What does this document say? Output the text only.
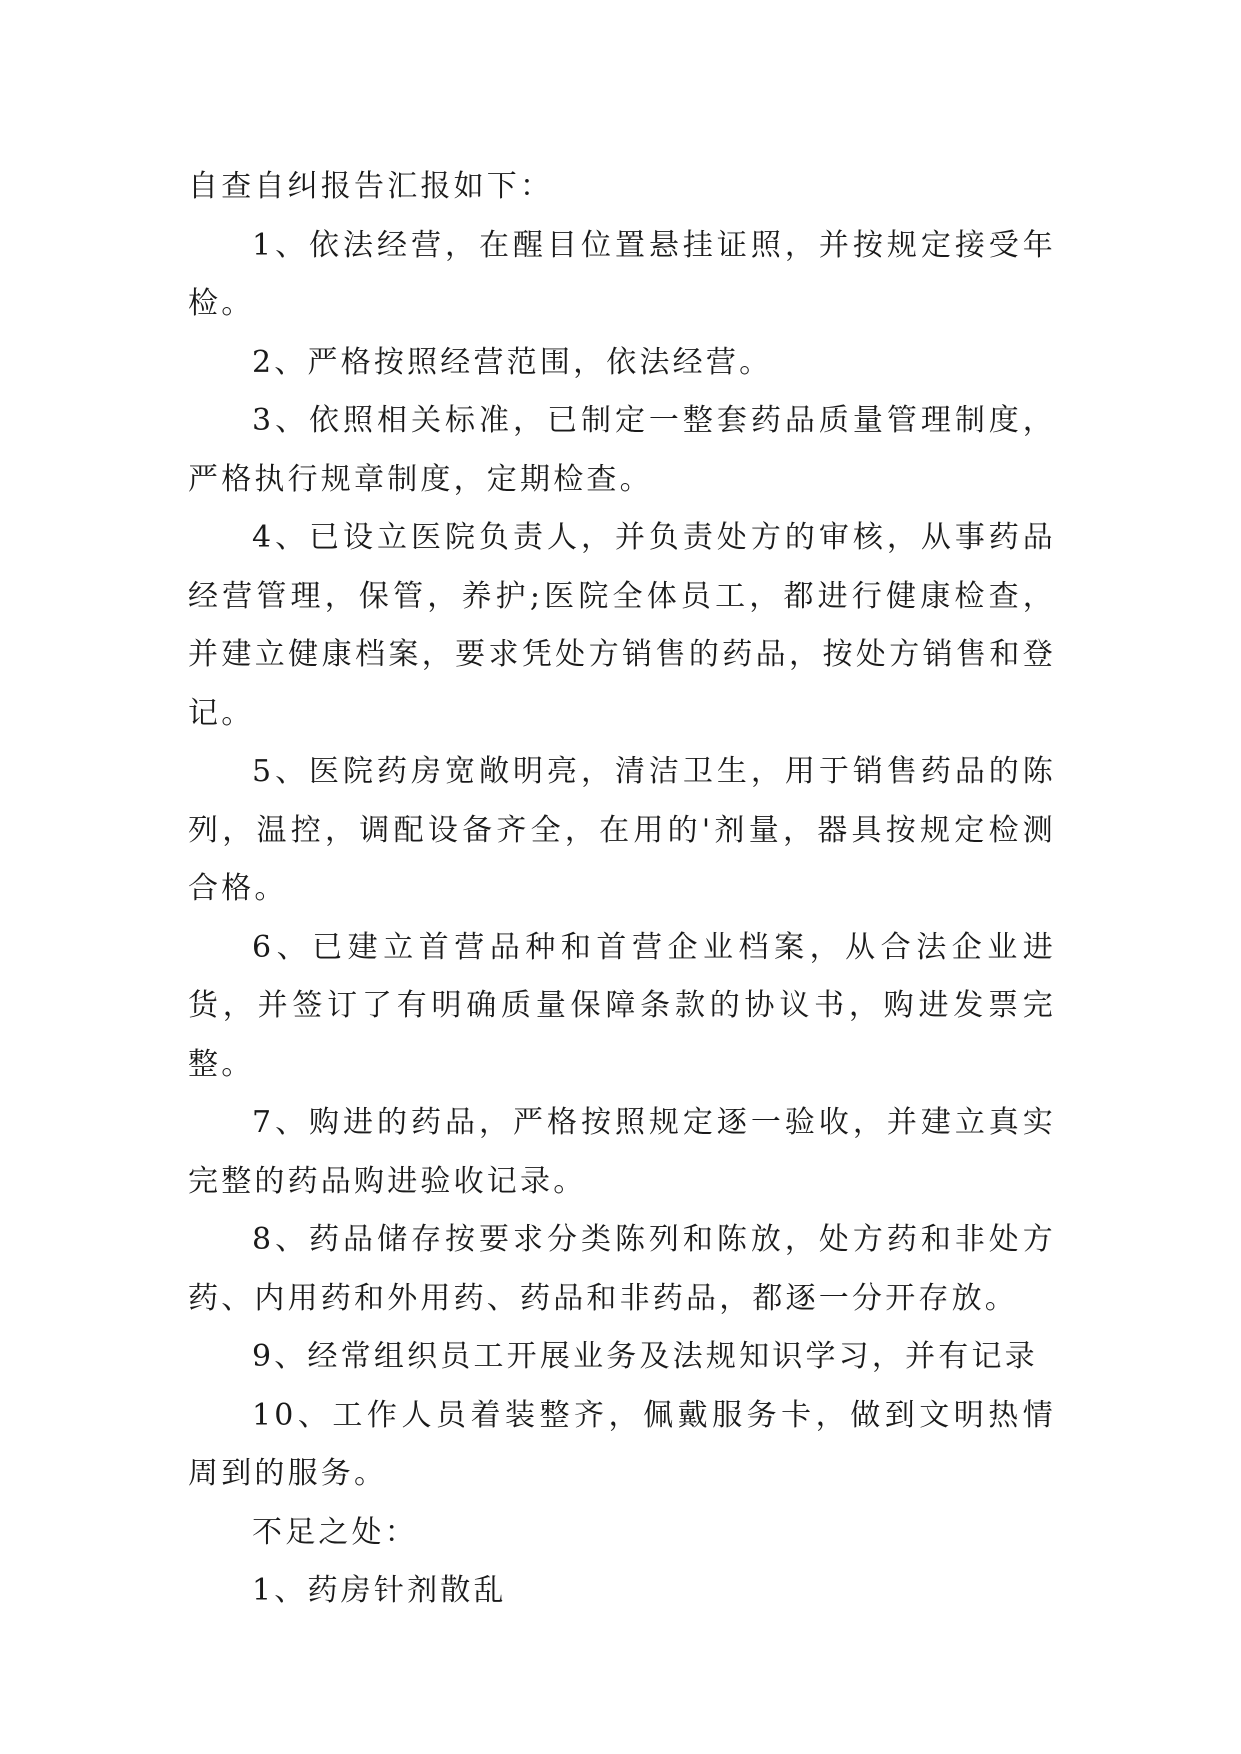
自查自纠报告汇报如下：

1、依法经营，在醒目位置悬挂证照，并按规定接受年检。

2、严格按照经营范围，依法经营。

3、依照相关标准，已制定一整套药品质量管理制度，严格执行规章制度，定期检查。

4、已设立医院负责人，并负责处方的审核，从事药品经营管理，保管，养护;医院全体员工，都进行健康检查，并建立健康档案，要求凭处方销售的药品，按处方销售和登记。

5、医院药房宽敞明亮，清洁卫生，用于销售药品的陈列，温控，调配设备齐全，在用的'剂量，器具按规定检测合格。

6、已建立首营品种和首营企业档案，从合法企业进货，并签订了有明确质量保障条款的协议书，购进发票完整。

7、购进的药品，严格按照规定逐一验收，并建立真实完整的药品购进验收记录。

8、药品储存按要求分类陈列和陈放，处方药和非处方药、内用药和外用药、药品和非药品，都逐一分开存放。

9、经常组织员工开展业务及法规知识学习，并有记录

10、工作人员着装整齐，佩戴服务卡，做到文明热情周到的服务。

不足之处：

1、药房针剂散乱
